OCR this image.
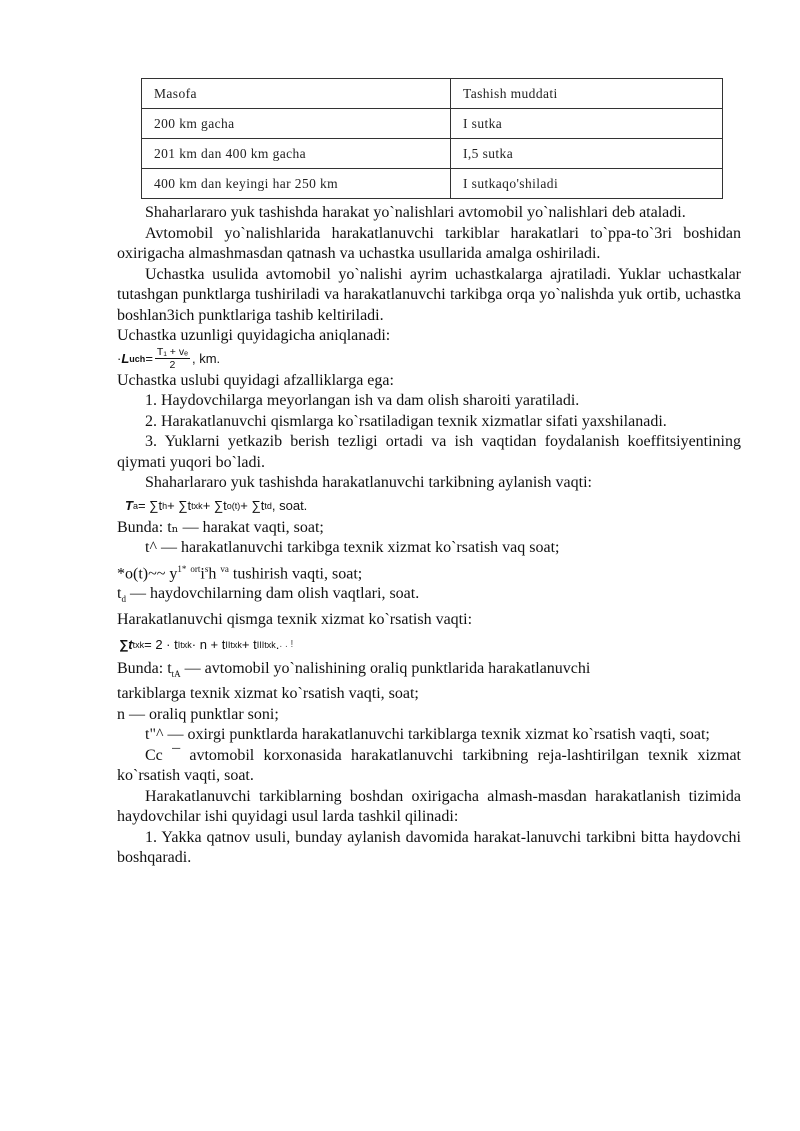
Masofa	Tashish muddati
200 km gacha	I sutka
201 km dan 400 km gacha	I,5 sutka
400 km dan keyingi har 250 km	I sutkaqo'shiladi

Shaharlararo yuk tashishda harakat yo`nalishlari avtomobil yo`nalishlari deb ataladi.

Avtomobil yo`nalishlarida harakatlanuvchi tarkiblar harakatlari to`ppa-to`3ri boshidan oxirigacha almashmasdan qatnash va uchastka usullarida amalga oshiriladi.

Uchastka usulida avtomobil yo`nalishi ayrim uchastkalarga ajratiladi. Yuklar uchastkalar tutashgan punktlarga tushiriladi va harakatlanuvchi tarkibga orqa yo`nalishda yuk ortib, uchastka boshlan3ich punktlariga tashib keltiriladi.

Uchastka uzunligi quyidagicha aniqlanadi:

· L uch = $\frac{\text{T₁ + vₑ}}{2}$ , km.

Uchastka uslubi quyidagi afzalliklarga ega:

1. Haydovchilarga meyorlangan ish va dam olish sharoiti yaratiladi.

2. Harakatlanuvchi qismlarga ko`rsatiladigan texnik xizmatlar sifati yaxshilanadi.

3. Yuklarni yetkazib berish tezligi ortadi va ish vaqtidan foydalanish koeffitsiyentining qiymati yuqori bo`ladi.

Shaharlararo yuk tashishda harakatlanuvchi tarkibning aylanish vaqti:

T a = ∑t h + ∑t txk + ∑t o(t) + ∑t td , soat.

Bunda: tₙ — harakat vaqti, soat;

t^ — harakatlanuvchi tarkibga texnik xizmat ko`rsatish vaq soat;

*o(t)~~ $y^{1*}$ $^{ort}i^sh$ $^{va}$ tushirish vaqti, soat;

$t_d$ — haydovchilarning dam olish vaqtlari, soat.

Harakatlanuvchi qismga texnik xizmat ko`rsatish vaqti:

∑t txk = 2 · t I txk · n + t II txk + t III txk . . . !

Bunda: $t_{tA}$ — avtomobil yo`nalishining oraliq punktlarida harakatlanuvchi

tarkiblarga texnik xizmat ko`rsatish vaqti, soat;

n — oraliq punktlar soni;

t"^ — oxirgi punktlarda harakatlanuvchi tarkiblarga texnik xizmat ko`rsatish vaqti, soat;

Cc ¯ avtomobil korxonasida harakatlanuvchi tarkibning reja-lashtirilgan texnik xizmat ko`rsatish vaqti, soat.

Harakatlanuvchi tarkiblarning boshdan oxirigacha almash-masdan harakatlanish tizimida haydovchilar ishi quyidagi usul larda tashkil qilinadi:

1. Yakka qatnov usuli, bunday aylanish davomida harakat-lanuvchi tarkibni bitta haydovchi boshqaradi.
